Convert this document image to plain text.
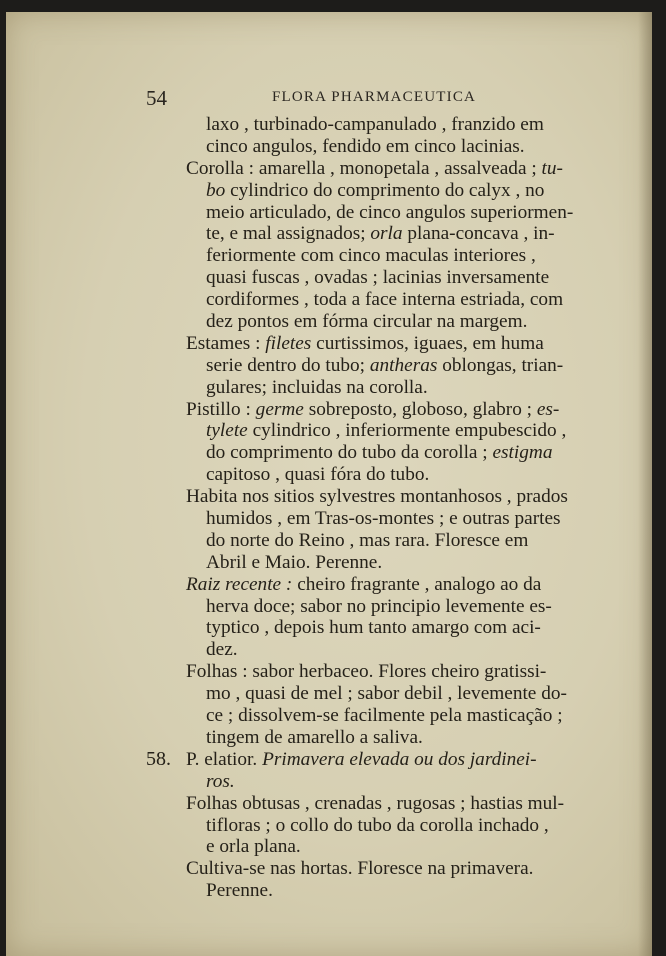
54	FLORA PHARMACEUTICA
laxo , turbinado-campanulado , franzido em
cinco angulos, fendido em cinco lacinias.
Corolla : amarella , monopetala , assalveada ; tu-
bo cylindrico do comprimento do calyx , no
meio articulado, de cinco angulos superiormen-
te, e mal assignados; orla plana-concava , in-
feriormente com cinco maculas interiores ,
quasi fuscas , ovadas ; lacinias inversamente
cordiformes , toda a face interna estriada, com
dez pontos em fórma circular na margem.
Estames : filetes curtissimos, iguaes, em huma
serie dentro do tubo; antheras oblongas, trian-
gulares; incluidas na corolla.
Pistillo : germe sobreposto, globoso, glabro ; es-
tylete cylindrico , inferiormente empubescido ,
do comprimento do tubo da corolla ; estigma
capitoso , quasi fóra do tubo.
Habita nos sitios sylvestres montanhosos , prados
humidos , em Tras-os-montes ; e outras partes
do norte do Reino , mas rara. Floresce em
Abril e Maio. Perenne.
Raiz recente : cheiro fragrante , analogo ao da
herva doce; sabor no principio levemente es-
typtico , depois hum tanto amargo com aci-
dez.
Folhas : sabor herbaceo. Flores cheiro gratissi-
mo , quasi de mel ; sabor debil , levemente do-
ce ; dissolvem-se facilmente pela masticação ;
tingem de amarello a saliva.
58. P. elatior. Primavera elevada ou dos jardinei-
ros.
Folhas obtusas , crenadas , rugosas ; hastias mul-
tifloras ; o collo do tubo da corolla inchado ,
e orla plana.
Cultiva-se nas hortas. Floresce na primavera.
Perenne.
